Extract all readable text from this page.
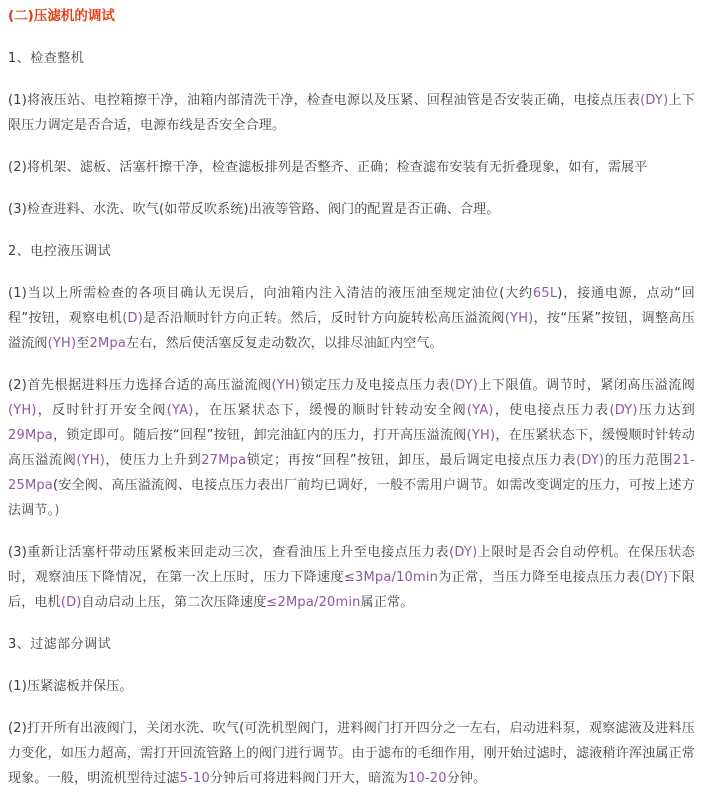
(二)压滤机的调试

1、检查整机

(1)将液压站、电控箱擦干净，油箱内部清洗干净，检查电源以及压紧、回程油管是否安装正确，电接点压表(DY)上下限压力调定是否合适，电源布线是否安全合理。

(2)将机架、滤板、活塞杆擦干净，检查滤板排列是否整齐、正确；检查滤布安装有无折叠现象，如有，需展平

(3)检查进料、水洗、吹气(如带反吹系统)出液等管路、阀门的配置是否正确、合理。

2、电控液压调试

(1)当以上所需检查的各项目确认无误后，向油箱内注入清洁的液压油至规定油位(大约65L)，接通电源，点动“回程”按钮，观察电机(D)是否沿顺时针方向正转。然后，反时针方向旋转松高压溢流阀(YH)，按“压紧”按钮，调整高压溢流阀(YH)至2Mpa左右，然后使活塞反复走动数次，以排尽油缸内空气。

(2)首先根据进料压力选择合适的高压溢流阀(YH)锁定压力及电接点压力表(DY)上下限值。调节时，紧闭高压溢流阀(YH)，反时针打开安全阀(YA)，在压紧状态下，缓慢的顺时针转动安全阀(YA)，使电接点压力表(DY)压力达到29Mpa，锁定即可。随后按“回程”按钮，卸完油缸内的压力，打开高压溢流阀(YH)，在压紧状态下，缓慢顺时针转动高压溢流阀(YH)，使压力上升到27Mpa锁定；再按“回程”按钮，卸压，最后调定电接点压力表(DY)的压力范围21-25Mpa(安全阀、高压溢流阀、电接点压力表出厂前均已调好，一般不需用户调节。如需改变调定的压力，可按上述方法调节。)

(3)重新让活塞杆带动压紧板来回走动三次，查看油压上升至电接点压力表(DY)上限时是否会自动停机。在保压状态时，观察油压下降情况，在第一次上压时，压力下降速度≤3Mpa/10min为正常，当压力降至电接点压力表(DY)下限后，电机(D)自动启动上压，第二次压降速度≤2Mpa/20min属正常。

3、过滤部分调试

(1)压紧滤板并保压。

(2)打开所有出液阀门，关闭水洗、吹气(可洗机型阀门，进料阀门打开四分之一左右，启动进料泵，观察滤液及进料压力变化，如压力超高，需打开回流管路上的阀门进行调节。由于滤布的毛细作用，刚开始过滤时，滤液稍许浑浊属正常现象。一般，明流机型待过滤5-10分钟后可将进料阀门开大，暗流为10-20分钟。
